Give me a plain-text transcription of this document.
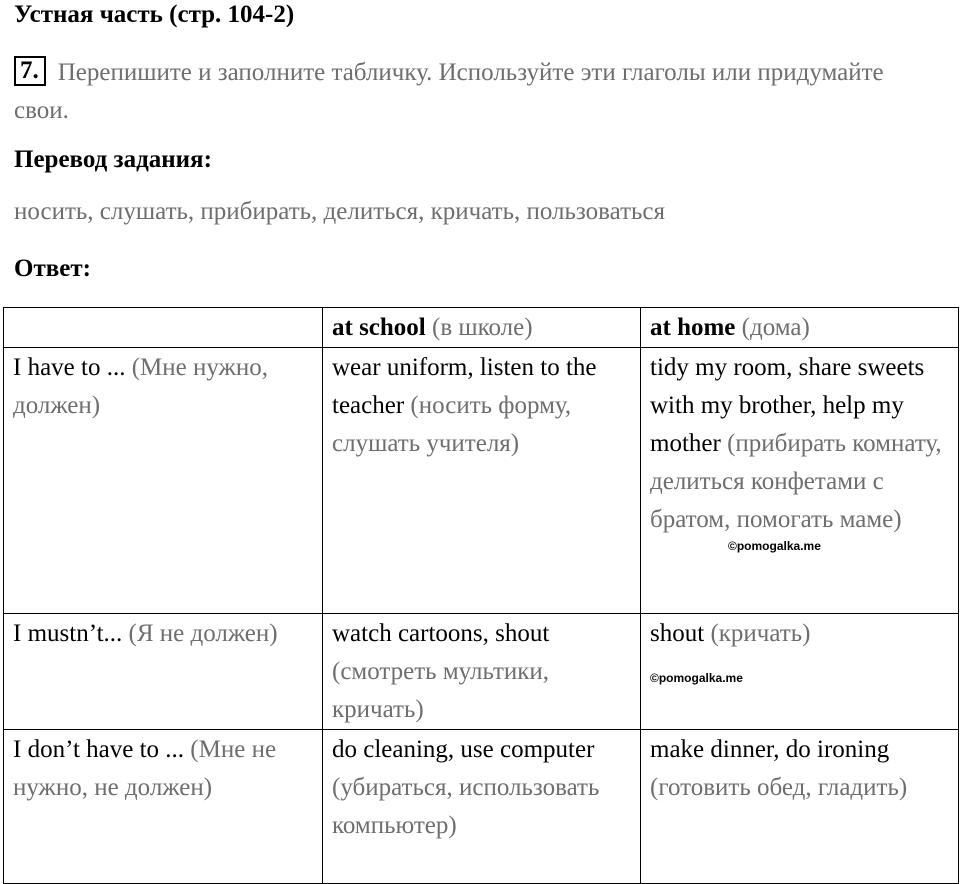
Устная часть (стр. 104-2)
7. Перепишите и заполните табличку. Используйте эти глаголы или придумайте свои.
Перевод задания:
носить, слушать, прибирать, делиться, кричать, пользоваться
Ответ:
	at school (в школе)	at home (дома)
I have to ... (Мне нужно, должен)	wear uniform, listen to the teacher (носить форму, слушать учителя)	tidy my room, share sweets with my brother, help my mother (прибирать комнату, делиться конфетами с братом, помогать маме)
©pomogalka.me

I mustn’t... (Я не должен)	watch cartoons, shout (смотреть мультики, кричать)	shout (кричать)
©pomogalka.me

I don’t have to ... (Мне не нужно, не должен)	do cleaning, use computer (убираться, использовать компьютер)	make dinner, do ironing (готовить обед, гладить)
